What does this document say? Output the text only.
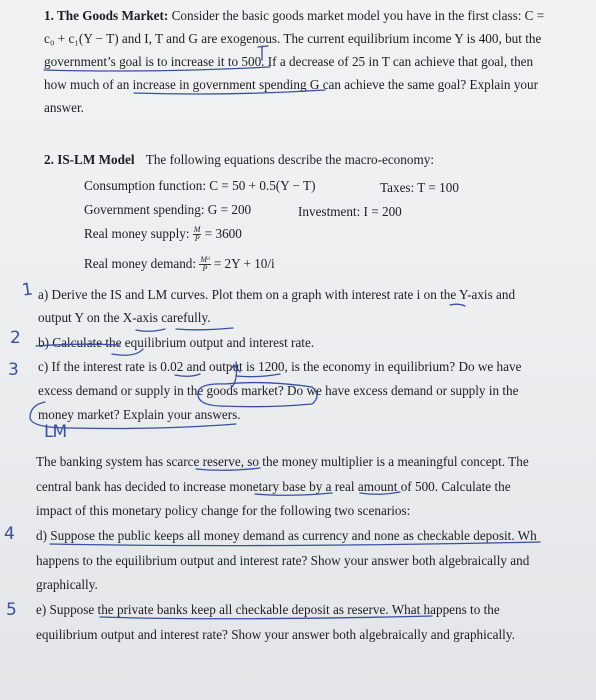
1. The Goods Market: Consider the basic goods market model you have in the first class: C =
c₀ + c₁(Y − T) and I, T and G are exogenous. The current equilibrium income Y is 400, but the
government’s goal is to increase it to 500. If a decrease of 25 in T can achieve that goal, then
how much of an increase in government spending G can achieve the same goal? Explain your
answer.
2. IS-LM Model The following equations describe the macro-economy:
Consumption function: C = 50 + 0.5(Y − T)	Taxes: T = 100
Government spending: G = 200	Investment: I = 200
Real money supply: $\frac{M}{P} = 3600$
Real money demand: $\frac{\text{Mᵈ}}{P} = 2Y + 10/i$
a) Derive the IS and LM curves. Plot them on a graph with interest rate i on the Y-axis and
output Y on the X-axis carefully.
b) Calculate the equilibrium output and interest rate.
c) If the interest rate is 0.02 and output is 1200, is the economy in equilibrium? Do we have
excess demand or supply in the goods market? Do we have excess demand or supply in the
money market? Explain your answers.
The banking system has scarce reserve, so the money multiplier is a meaningful concept. The
central bank has decided to increase monetary base by a real amount of 500. Calculate the
impact of this monetary policy change for the following two scenarios:
d) Suppose the public keeps all money demand as currency and none as checkable deposit. Wh
happens to the equilibrium output and interest rate? Show your answer both algebraically and
graphically.
e) Suppose the private banks keep all checkable deposit as reserve. What happens to the
equilibrium output and interest rate? Show your answer both algebraically and graphically.
1
2
3
4
5
LM
